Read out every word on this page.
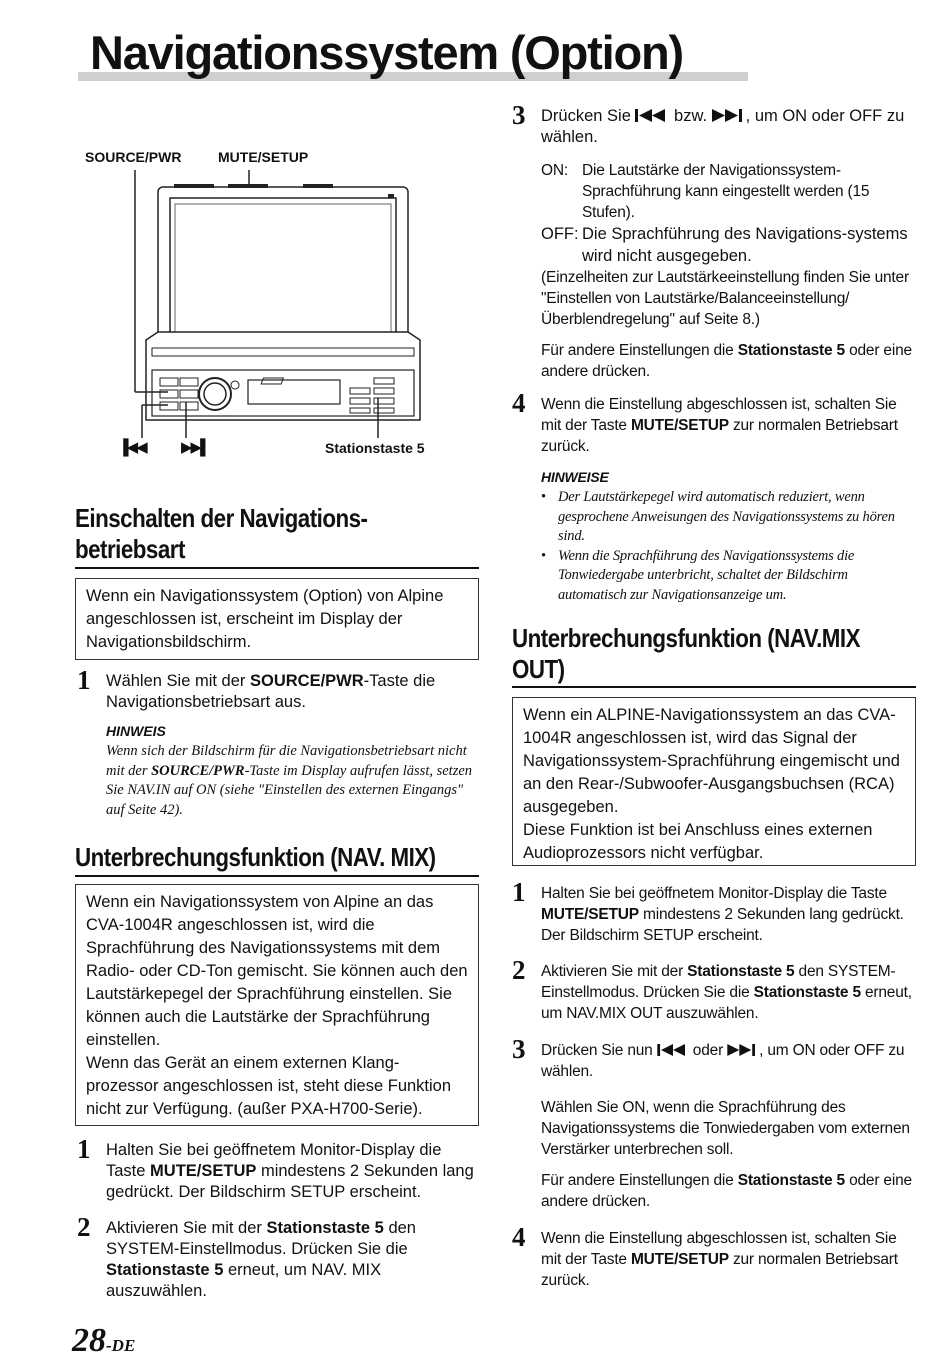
Navigationssystem (Option)
SOURCE/PWR	MUTE/SETUP
▐◀◀ ▶▶▌	Stationstaste 5
Einschalten der Navigations-
betriebsart

Wenn ein Navigationssystem (Option) von Alpine angeschlossen ist, erscheint im Display der Navigationsbildschirm.

1 Wählen Sie mit der SOURCE/PWR-Taste die Navigationsbetriebsart aus.

HINWEIS

Wenn sich der Bildschirm für die Navigationsbetriebsart nicht mit der SOURCE/PWR-Taste im Display aufrufen lässt, setzen Sie NAV.IN auf ON (siehe "Einstellen des externen Eingangs" auf Seite 42).

Unterbrechungsfunktion (NAV. MIX)

Wenn ein Navigationssystem von Alpine an das CVA-1004R angeschlossen ist, wird die Sprachführung des Navigationssystems mit dem Radio- oder CD-Ton gemischt. Sie können auch den Lautstärkepegel der Sprachführung einstellen. Sie können auch die Lautstärke der Sprachführung einstellen.

Wenn das Gerät an einem externen Klang-prozessor angeschlossen ist, steht diese Funktion nicht zur Verfügung. (außer PXA-H700-Serie).

1 Halten Sie bei geöffnetem Monitor-Display die Taste MUTE/SETUP mindestens 2 Sekunden lang gedrückt. Der Bildschirm SETUP erscheint.
2 Aktivieren Sie mit der Stationstaste 5 den SYSTEM-Einstellmodus. Drücken Sie die Stationstaste 5 erneut, um NAV. MIX auszuwählen.
3 Drücken Sie  bzw. , um ON oder OFF zu wählen.
ON: Die Lautstärke der Navigationssystem-Sprachführung kann eingestellt werden (15 Stufen).
OFF: Die Sprachführung des Navigations-systems wird nicht ausgegeben.

(Einzelheiten zur Lautstärkeeinstellung finden Sie unter "Einstellen von Lautstärke/Balanceeinstellung/ Überblendregelung" auf Seite 8.)

Für andere Einstellungen die Stationstaste 5 oder eine andere drücken.

4 Wenn die Einstellung abgeschlossen ist, schalten Sie mit der Taste MUTE/SETUP zur normalen Betriebsart zurück.

HINWEISE

• Der Lautstärkepegel wird automatisch reduziert, wenn gesprochene Anweisungen des Navigationssystems zu hören sind.
• Wenn die Sprachführung des Navigationssystems die Tonwiedergabe unterbricht, schaltet der Bildschirm automatisch zur Navigationsanzeige um.
Unterbrechungsfunktion (NAV.MIX
OUT)

Wenn ein ALPINE-Navigationssystem an das CVA-1004R angeschlossen ist, wird das Signal der Navigationssystem-Sprachführung eingemischt und an den Rear-/Subwoofer-Ausgangsbuchsen (RCA) ausgegeben.

Diese Funktion ist bei Anschluss eines externen Audioprozessors nicht verfügbar.

1 Halten Sie bei geöffnetem Monitor-Display die Taste MUTE/SETUP mindestens 2 Sekunden lang gedrückt. Der Bildschirm SETUP erscheint.
2 Aktivieren Sie mit der Stationstaste 5 den SYSTEM-Einstellmodus. Drücken Sie die Stationstaste 5 erneut, um NAV.MIX OUT auszuwählen.
3 Drücken Sie nun  oder , um ON oder OFF zu wählen.

Wählen Sie ON, wenn die Sprachführung des Navigationssystems die Tonwiedergaben vom externen Verstärker unterbrechen soll.

Für andere Einstellungen die Stationstaste 5 oder eine andere drücken.

4 Wenn die Einstellung abgeschlossen ist, schalten Sie mit der Taste MUTE/SETUP zur normalen Betriebsart zurück.
28-DE
